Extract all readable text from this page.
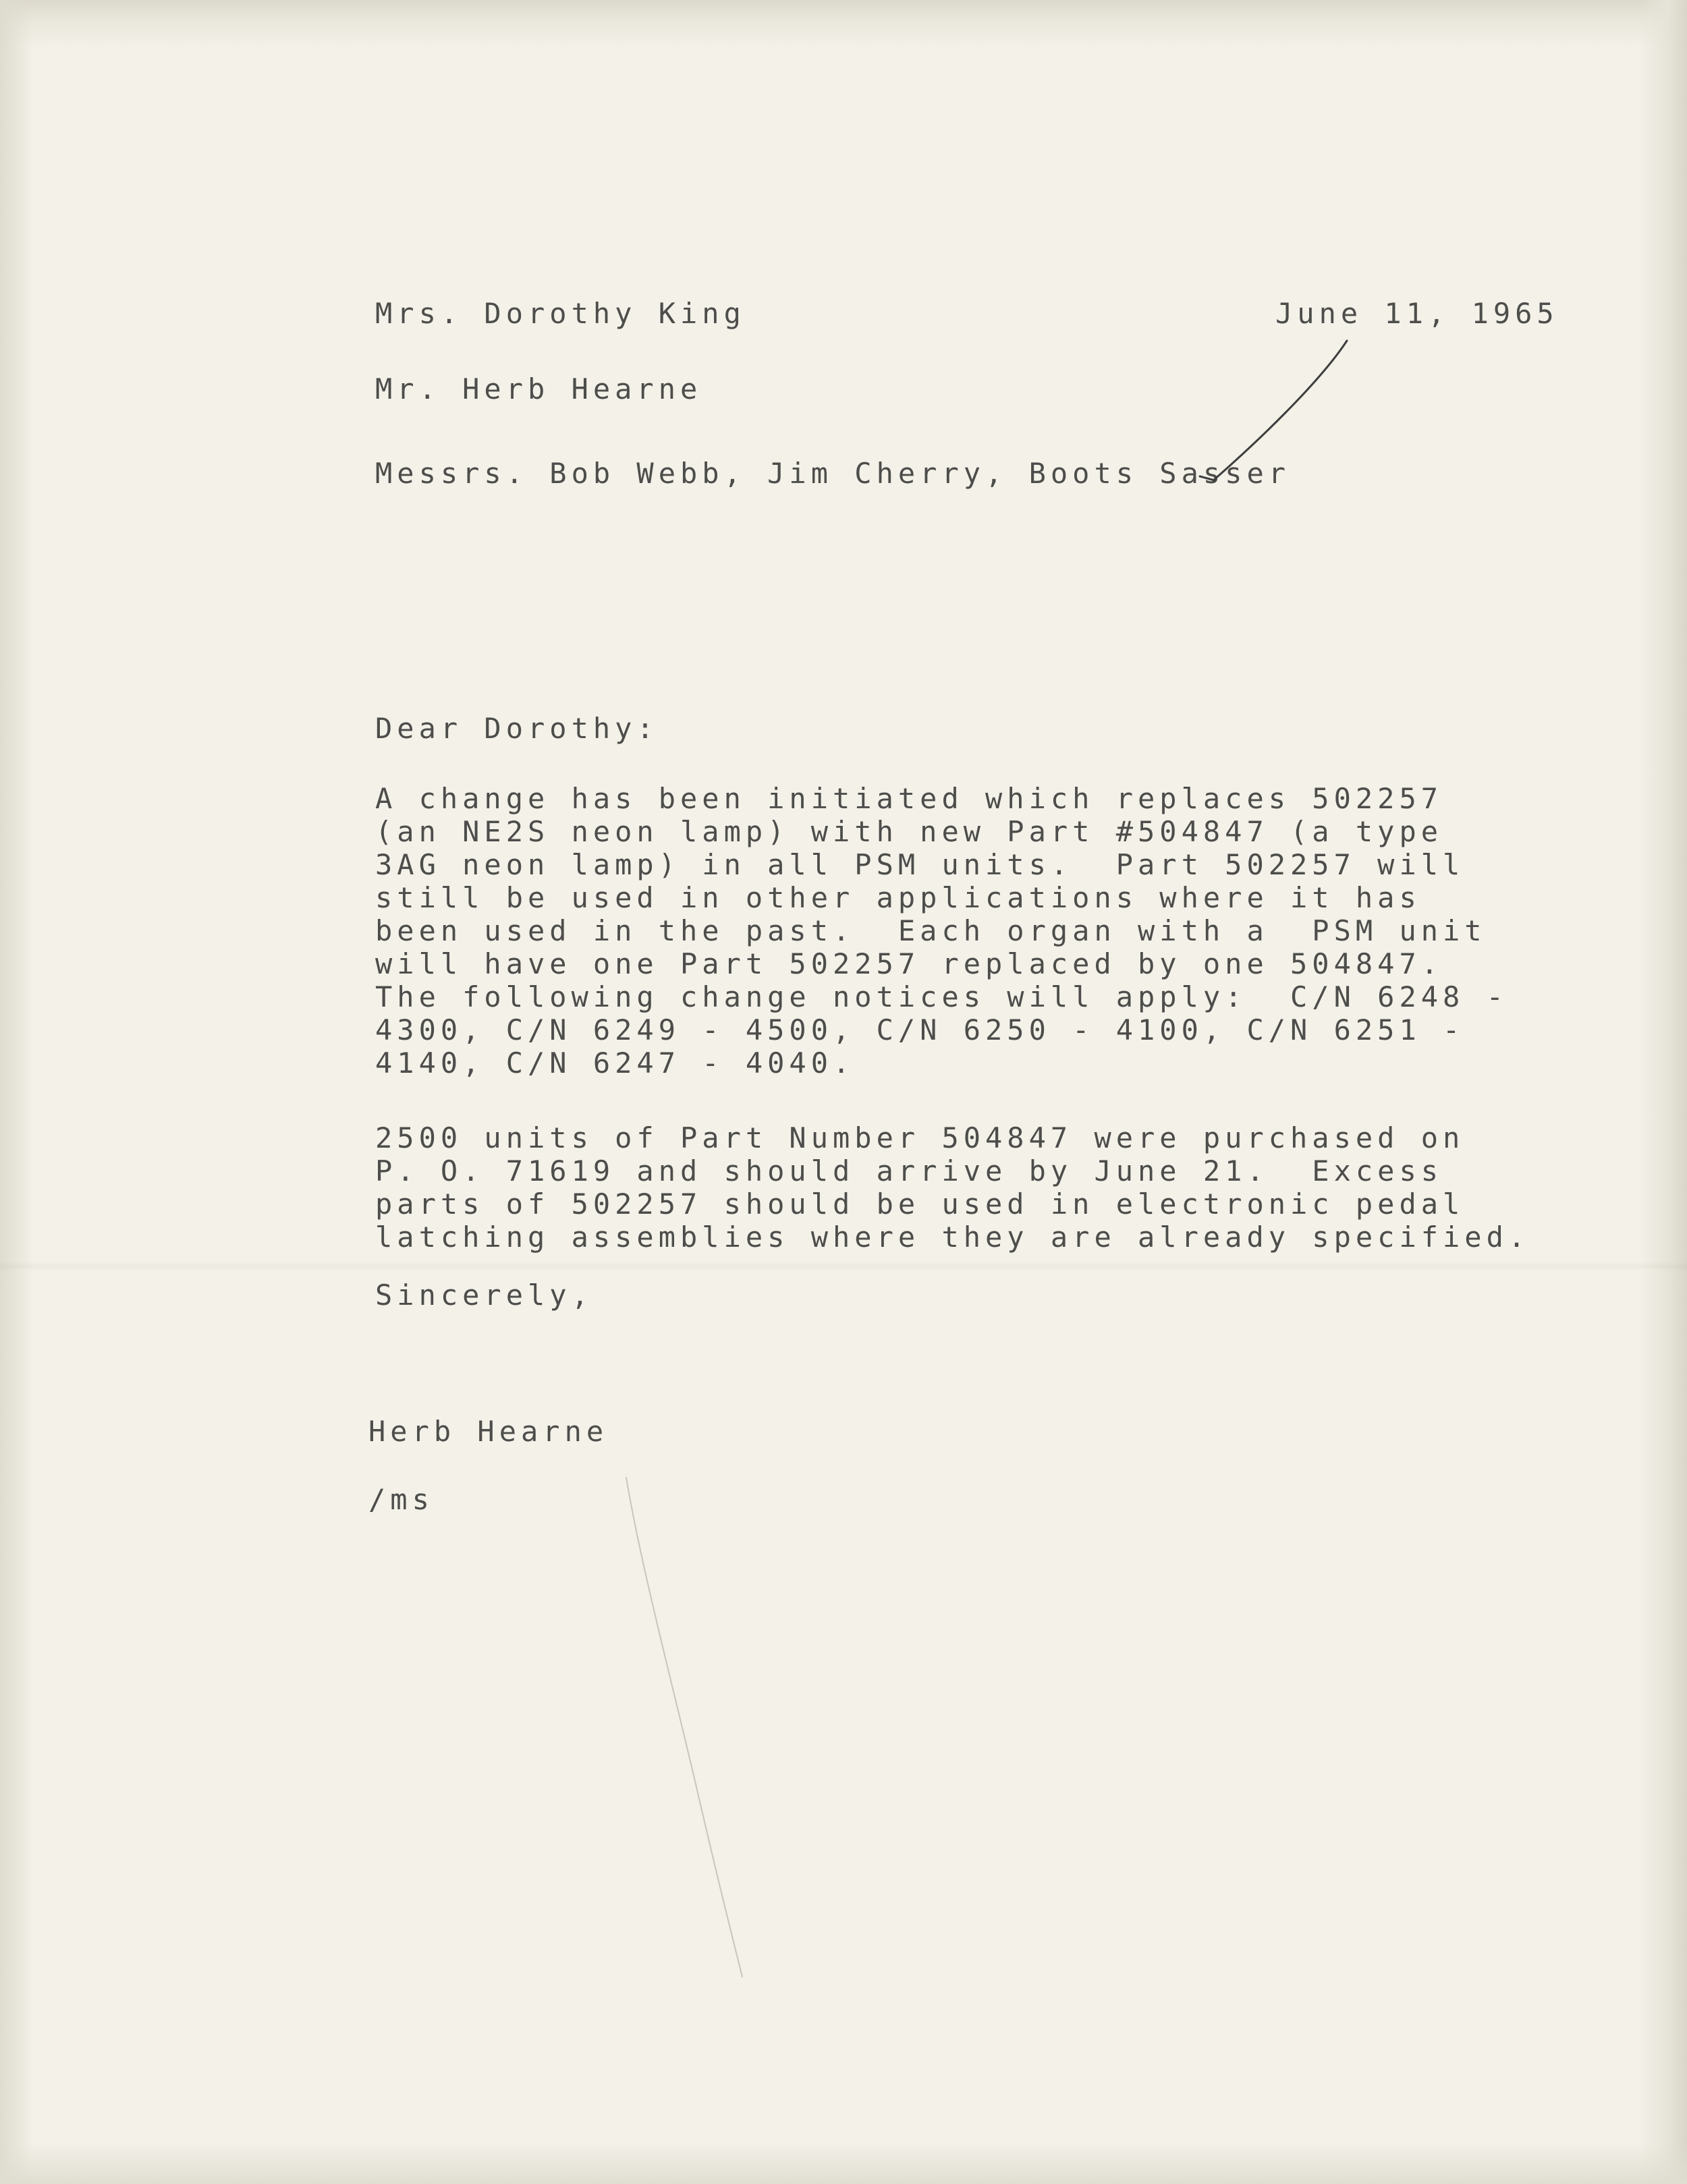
Mrs. Dorothy King

Mr. Herb Hearne

Messrs. Bob Webb, Jim Cherry, Boots Sasser

June 11, 1965

Dear Dorothy:

A change has been initiated which replaces 502257
(an NE2S neon lamp) with new Part #504847 (a type
3AG neon lamp) in all PSM units.  Part 502257 will
still be used in other applications where it has
been used in the past.  Each organ with a  PSM unit
will have one Part 502257 replaced by one 504847.
The following change notices will apply:  C/N 6248 -
4300, C/N 6249 - 4500, C/N 6250 - 4100, C/N 6251 -
4140, C/N 6247 - 4040.
2500 units of Part Number 504847 were purchased on
P. O. 71619 and should arrive by June 21.  Excess
parts of 502257 should be used in electronic pedal
latching assemblies where they are already specified.

Sincerely,

Herb Hearne

/ms
